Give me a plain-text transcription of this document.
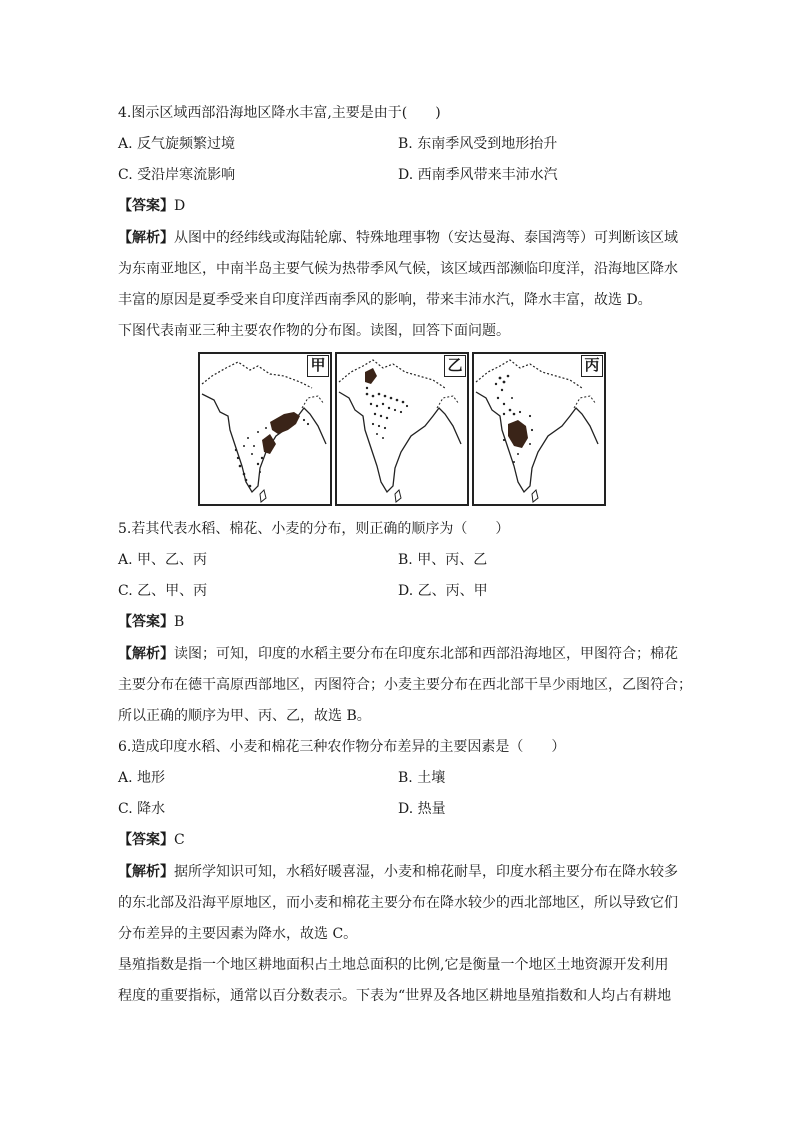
4.图示区域西部沿海地区降水丰富,主要是由于(　　)
A. 反气旋频繁过境	B. 东南季风受到地形抬升
C. 受沿岸寒流影响	D. 西南季风带来丰沛水汽
【答案】D
【解析】从图中的经纬线或海陆轮廓、特殊地理事物（安达曼海、泰国湾等）可判断该区域
为东南亚地区，中南半岛主要气候为热带季风气候，该区域西部濒临印度洋，沿海地区降水
丰富的原因是夏季受来自印度洋西南季风的影响，带来丰沛水汽，降水丰富，故选 D。
下图代表南亚三种主要农作物的分布图。读图，回答下面问题。
甲	乙	丙
5.若其代表水稻、棉花、小麦的分布，则正确的顺序为（　　）
A. 甲、乙、丙	B. 甲、丙、乙
C. 乙、甲、丙	D. 乙、丙、甲
【答案】B
【解析】读图；可知，印度的水稻主要分布在印度东北部和西部沿海地区，甲图符合；棉花
主要分布在德干高原西部地区，丙图符合；小麦主要分布在西北部干旱少雨地区，乙图符合；
所以正确的顺序为甲、丙、乙，故选 B。
6.造成印度水稻、小麦和棉花三种农作物分布差异的主要因素是（　　）
A. 地形	B. 土壤
C. 降水	D. 热量
【答案】C
【解析】据所学知识可知，水稻好暖喜湿，小麦和棉花耐旱，印度水稻主要分布在降水较多
的东北部及沿海平原地区，而小麦和棉花主要分布在降水较少的西北部地区，所以导致它们
分布差异的主要因素为降水，故选 C。
垦殖指数是指一个地区耕地面积占土地总面积的比例,它是衡量一个地区土地资源开发利用
程度的重要指标，通常以百分数表示。下表为“世界及各地区耕地垦殖指数和人均占有耕地
